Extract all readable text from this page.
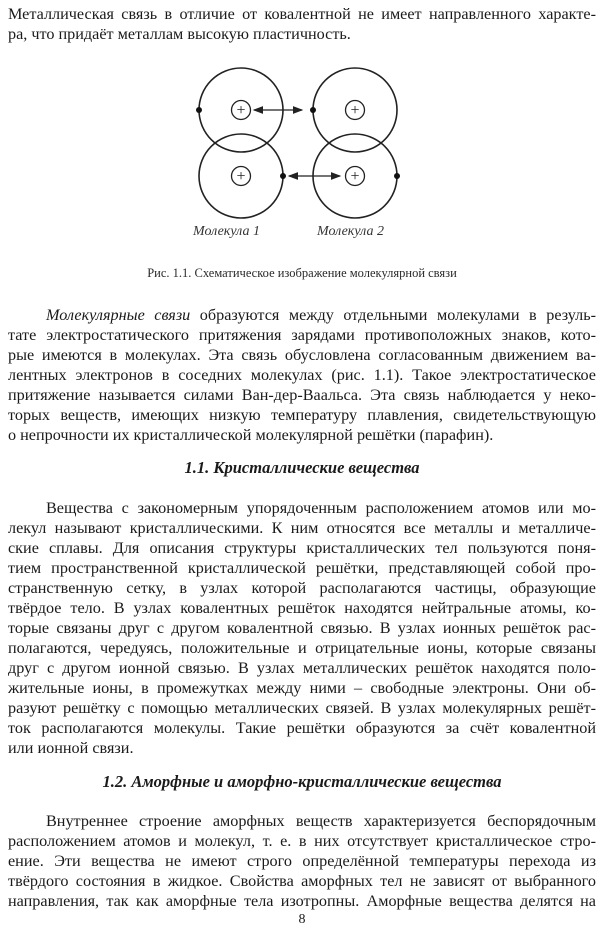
Металлическая связь в отличие от ковалентной не имеет направленного характе-
ра, что придаёт металлам высокую пластичность.
+
+
+
+
Молекула 1	Молекула 2
Рис. 1.1. Схематическое изображение молекулярной связи
Молекулярные связи образуются между отдельными молекулами в резуль-
тате электростатического притяжения зарядами противоположных знаков, кото-
рые имеются в молекулах. Эта связь обусловлена согласованным движением ва-
лентных электронов в соседних молекулах (рис. 1.1). Такое электростатическое
притяжение называется силами Ван-дер-Ваальса. Эта связь наблюдается у неко-
торых веществ, имеющих низкую температуру плавления, свидетельствующую
о непрочности их кристаллической молекулярной решётки (парафин).
1.1. Кристаллические вещества
Вещества с закономерным упорядоченным расположением атомов или мо-
лекул называют кристаллическими. К ним относятся все металлы и металличе-
ские сплавы. Для описания структуры кристаллических тел пользуются поня-
тием пространственной кристаллической решётки, представляющей собой про-
странственную сетку, в узлах которой располагаются частицы, образующие
твёрдое тело. В узлах ковалентных решёток находятся нейтральные атомы, ко-
торые связаны друг с другом ковалентной связью. В узлах ионных решёток рас-
полагаются, чередуясь, положительные и отрицательные ионы, которые связаны
друг с другом ионной связью. В узлах металлических решёток находятся поло-
жительные ионы, в промежутках между ними – свободные электроны. Они об-
разуют решётку с помощью металлических связей. В узлах молекулярных решёт-
ток располагаются молекулы. Такие решётки образуются за счёт ковалентной
или ионной связи.
1.2. Аморфные и аморфно-кристаллические вещества
Внутреннее строение аморфных веществ характеризуется беспорядочным
расположением атомов и молекул, т. е. в них отсутствует кристаллическое стро-
ение. Эти вещества не имеют строго определённой температуры перехода из
твёрдого состояния в жидкое. Свойства аморфных тел не зависят от выбранного
направления, так как аморфные тела изотропны. Аморфные вещества делятся на
8
